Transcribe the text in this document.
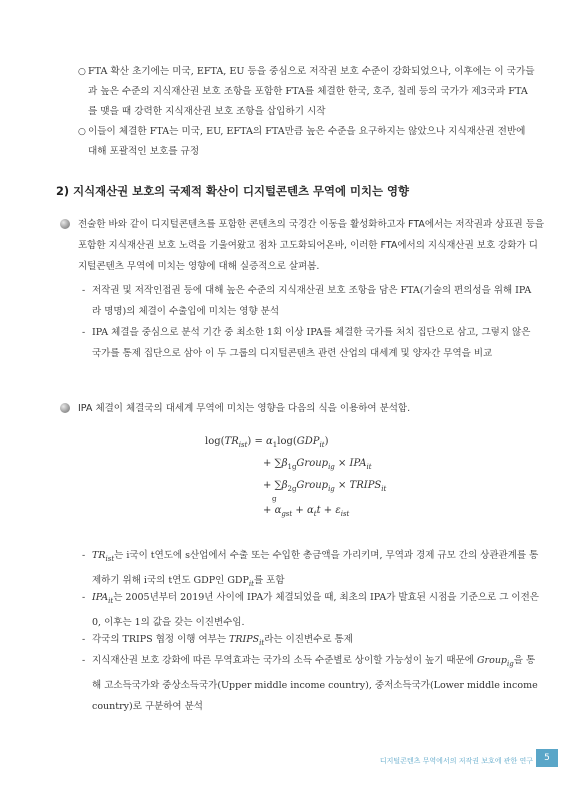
○ FTA 확산 초기에는 미국, EFTA, EU 등을 중심으로 저작권 보호 수준이 강화되었으나, 이후에는 이 국가들과 높은 수준의 지식재산권 보호 조항을 포함한 FTA를 체결한 한국, 호주, 칠레 등의 국가가 제3국과 FTA를 맺을 때 강력한 지식재산권 보호 조항을 삽입하기 시작
○ 이들이 체결한 FTA는 미국, EU, EFTA의 FTA만큼 높은 수준을 요구하지는 않았으나 지식재산권 전반에 대해 포괄적인 보호를 규정
2) 지식재산권 보호의 국제적 확산이 디지털콘텐츠 무역에 미치는 영향
전술한 바와 같이 디지털콘텐츠를 포함한 콘텐츠의 국경간 이동을 활성화하고자 FTA에서는 저작권과 상표권 등을 포함한 지식재산권 보호 노력을 기울여왔고 점차 고도화되어온바, 이러한 FTA에서의 지식재산권 보호 강화가 디지털콘텐츠 무역에 미치는 영향에 대해 실증적으로 살펴봄.
- 저작권 및 저작인접권 등에 대해 높은 수준의 지식재산권 보호 조항을 담은 FTA(기술의 편의성을 위해 IPA라 명명)의 체결이 수출입에 미치는 영향 분석
- IPA 체결을 중심으로 분석 기간 중 최소한 1회 이상 IPA를 체결한 국가를 처치 집단으로 삼고, 그렇지 않은 국가를 통제 집단으로 삼아 이 두 그룹의 디지털콘텐츠 관련 산업의 대세계 및 양자간 무역을 비교
IPA 체결이 체결국의 대세계 무역에 미치는 영향을 다음의 식을 이용하여 분석함.
$\log(TR_{ist}) = \alpha_1\log(GDP_{it})$
+ $\sum\beta_{1g}Group_{ig} \times IPA_{it}$
+ $\sum\beta_{2g}Group_{ig}$ × $TRIPS_{it}$
g
+ $\alpha_{gst} + \alpha_tt + \varepsilon_{ist}$
- $TR_{ist}$는 i국이 t연도에 s산업에서 수출 또는 수입한 총금액을 가리키며, 무역과 경제 규모 간의 상관관계를 통제하기 위해 i국의 t연도 GDP인 $GDP_{it}$를 포함
- $IPA_{it}$는 2005년부터 2019년 사이에 IPA가 체결되었을 때, 최초의 IPA가 발효된 시점을 기준으로 그 이전은 0, 이후는 1의 값을 갖는 이진변수임.
- 각국의 TRIPS 협정 이행 여부는 $TRIPS_{it}$라는 이진변수로 통제
- 지식재산권 보호 강화에 따른 무역효과는 국가의 소득 수준별로 상이할 가능성이 높기 때문에 Group$_{ig}$을 통해 고소득국가와 중상소득국가(Upper middle income country), 중저소득국가(Lower middle income country)로 구분하여 분석
디지털콘텐츠 무역에서의 저작권 보호에 관한 연구	5
